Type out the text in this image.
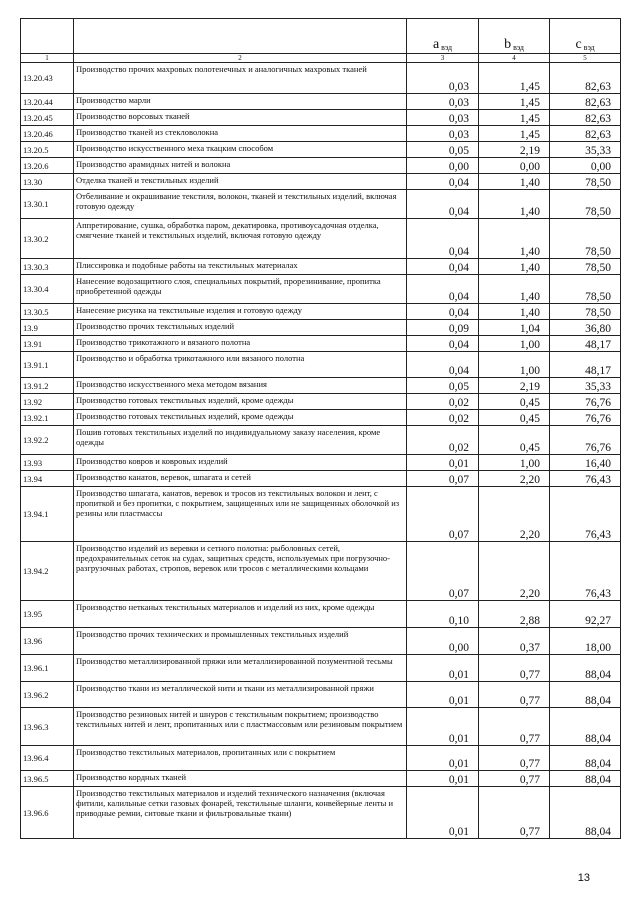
		a $_{вэд}$	b $_{вэд}$	c $_{вэд}$
1	2	3	4	5
13.20.43	Производство прочих махровых полотенечных и аналогичных махровых тканей	0,03	1,45	82,63
13.20.44	Производство марли	0,03	1,45	82,63
13.20.45	Производство ворсовых тканей	0,03	1,45	82,63
13.20.46	Производство тканей из стекловолокна	0,03	1,45	82,63
13.20.5	Производство искусственного меха ткацким способом	0,05	2,19	35,33
13.20.6	Производство арамидных нитей и волокна	0,00	0,00	0,00
13.30	Отделка тканей и текстильных изделий	0,04	1,40	78,50
13.30.1	Отбеливание и окрашивание текстиля, волокон, тканей и текстильных изделий, включая готовую одежду	0,04	1,40	78,50
13.30.2	Аппретирование, сушка, обработка паром, декатировка, противоусадочная отделка, смягчение тканей и текстильных изделий, включая готовую одежду	0,04	1,40	78,50
13.30.3	Плиссировка и подобные работы на текстильных материалах	0,04	1,40	78,50
13.30.4	Нанесение водозащитного слоя, специальных покрытий, прорезинивание, пропитка приобретенной одежды	0,04	1,40	78,50
13.30.5	Нанесение рисунка на текстильные изделия и готовую одежду	0,04	1,40	78,50
13.9	Производство прочих текстильных изделий	0,09	1,04	36,80
13.91	Производство трикотажного и вязаного полотна	0,04	1,00	48,17
13.91.1	Производство и обработка трикотажного или вязаного полотна	0,04	1,00	48,17
13.91.2	Производство искусственного меха методом вязания	0,05	2,19	35,33
13.92	Производство готовых текстильных изделий, кроме одежды	0,02	0,45	76,76
13.92.1	Производство готовых текстильных изделий, кроме одежды	0,02	0,45	76,76
13.92.2	Пошив готовых текстильных изделий по индивидуальному заказу населения, кроме одежды	0,02	0,45	76,76
13.93	Производство ковров и ковровых изделий	0,01	1,00	16,40
13.94	Производство канатов, веревок, шпагата и сетей	0,07	2,20	76,43
13.94.1	Производство шпагата, канатов, веревок и тросов из текстильных волокон и лент, с пропиткой и без пропитки, с покрытием, защищенных или не защищенных оболочкой из резины или пластмассы	0,07	2,20	76,43
13.94.2	Производство изделий из веревки и сетного полотна: рыболовных сетей, предохранительных сеток на судах, защитных средств, используемых при погрузочно-разгрузочных работах, стропов, веревок или тросов с металлическими кольцами	0,07	2,20	76,43
13.95	Производство нетканых текстильных материалов и изделий из них, кроме одежды	0,10	2,88	92,27
13.96	Производство прочих технических и промышленных текстильных изделий	0,00	0,37	18,00
13.96.1	Производство металлизированной пряжи или металлизированной позументной тесьмы	0,01	0,77	88,04
13.96.2	Производство ткани из металлической нити и ткани из металлизированной пряжи	0,01	0,77	88,04
13.96.3	Производство резиновых нитей и шнуров с текстильным покрытием; производство текстильных нитей и лент, пропитанных или с пластмассовым или резиновым покрытием	0,01	0,77	88,04
13.96.4	Производство текстильных материалов, пропитанных или с покрытием	0,01	0,77	88,04
13.96.5	Производство кордных тканей	0,01	0,77	88,04
13.96.6	Производство текстильных материалов и изделий технического назначения (включая фитили, калильные сетки газовых фонарей, текстильные шланги, конвейерные ленты и приводные ремни, ситовые ткани и фильтровальные ткани)	0,01	0,77	88,04
13
